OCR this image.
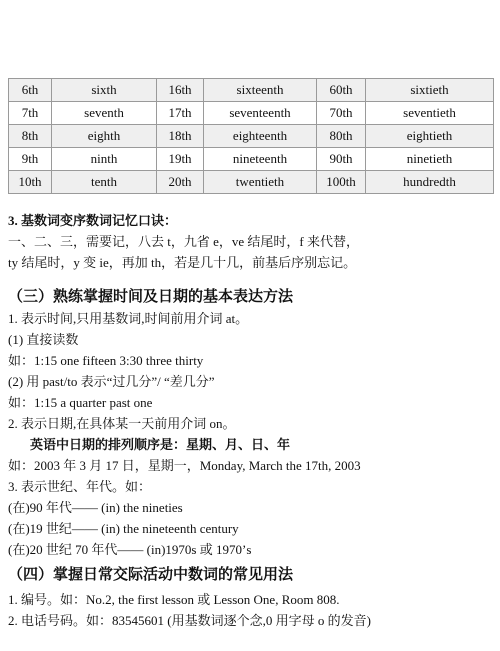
6th	sixth	16th	sixteenth	60th	sixtieth
7th	seventh	17th	seventeenth	70th	seventieth
8th	eighth	18th	eighteenth	80th	eightieth
9th	ninth	19th	nineteenth	90th	ninetieth
10th	tenth	20th	twentieth	100th	hundredth
3. 基数词变序数词记忆口诀：
一、二、三，需要记，八去 t，九省 e，ve 结尾时，f 来代替，
ty 结尾时，y 变 ie，再加 th，若是几十几，前基后序别忘记。
（三）熟练掌握时间及日期的基本表达方法
1. 表示时间,只用基数词,时间前用介词 at。
(1) 直接读数
如：1:15 one fifteen 3:30 three thirty
(2) 用 past/to 表示“过几分”/ “差几分”
如：1:15 a quarter past one
2. 表示日期,在具体某一天前用介词 on。
英语中日期的排列顺序是：星期、月、日、年
如：2003 年 3 月 17 日，星期一，Monday, March the 17th, 2003
3. 表示世纪、年代。如：
(在)90 年代—— (in) the nineties
(在)19 世纪—— (in) the nineteenth century
(在)20 世纪 70 年代—— (in)1970s 或 1970’s
（四）掌握日常交际活动中数词的常见用法
1. 编号。如：No.2, the first lesson 或 Lesson One, Room 808.
2. 电话号码。如：83545601 (用基数词逐个念,0 用字母 o 的发音)
